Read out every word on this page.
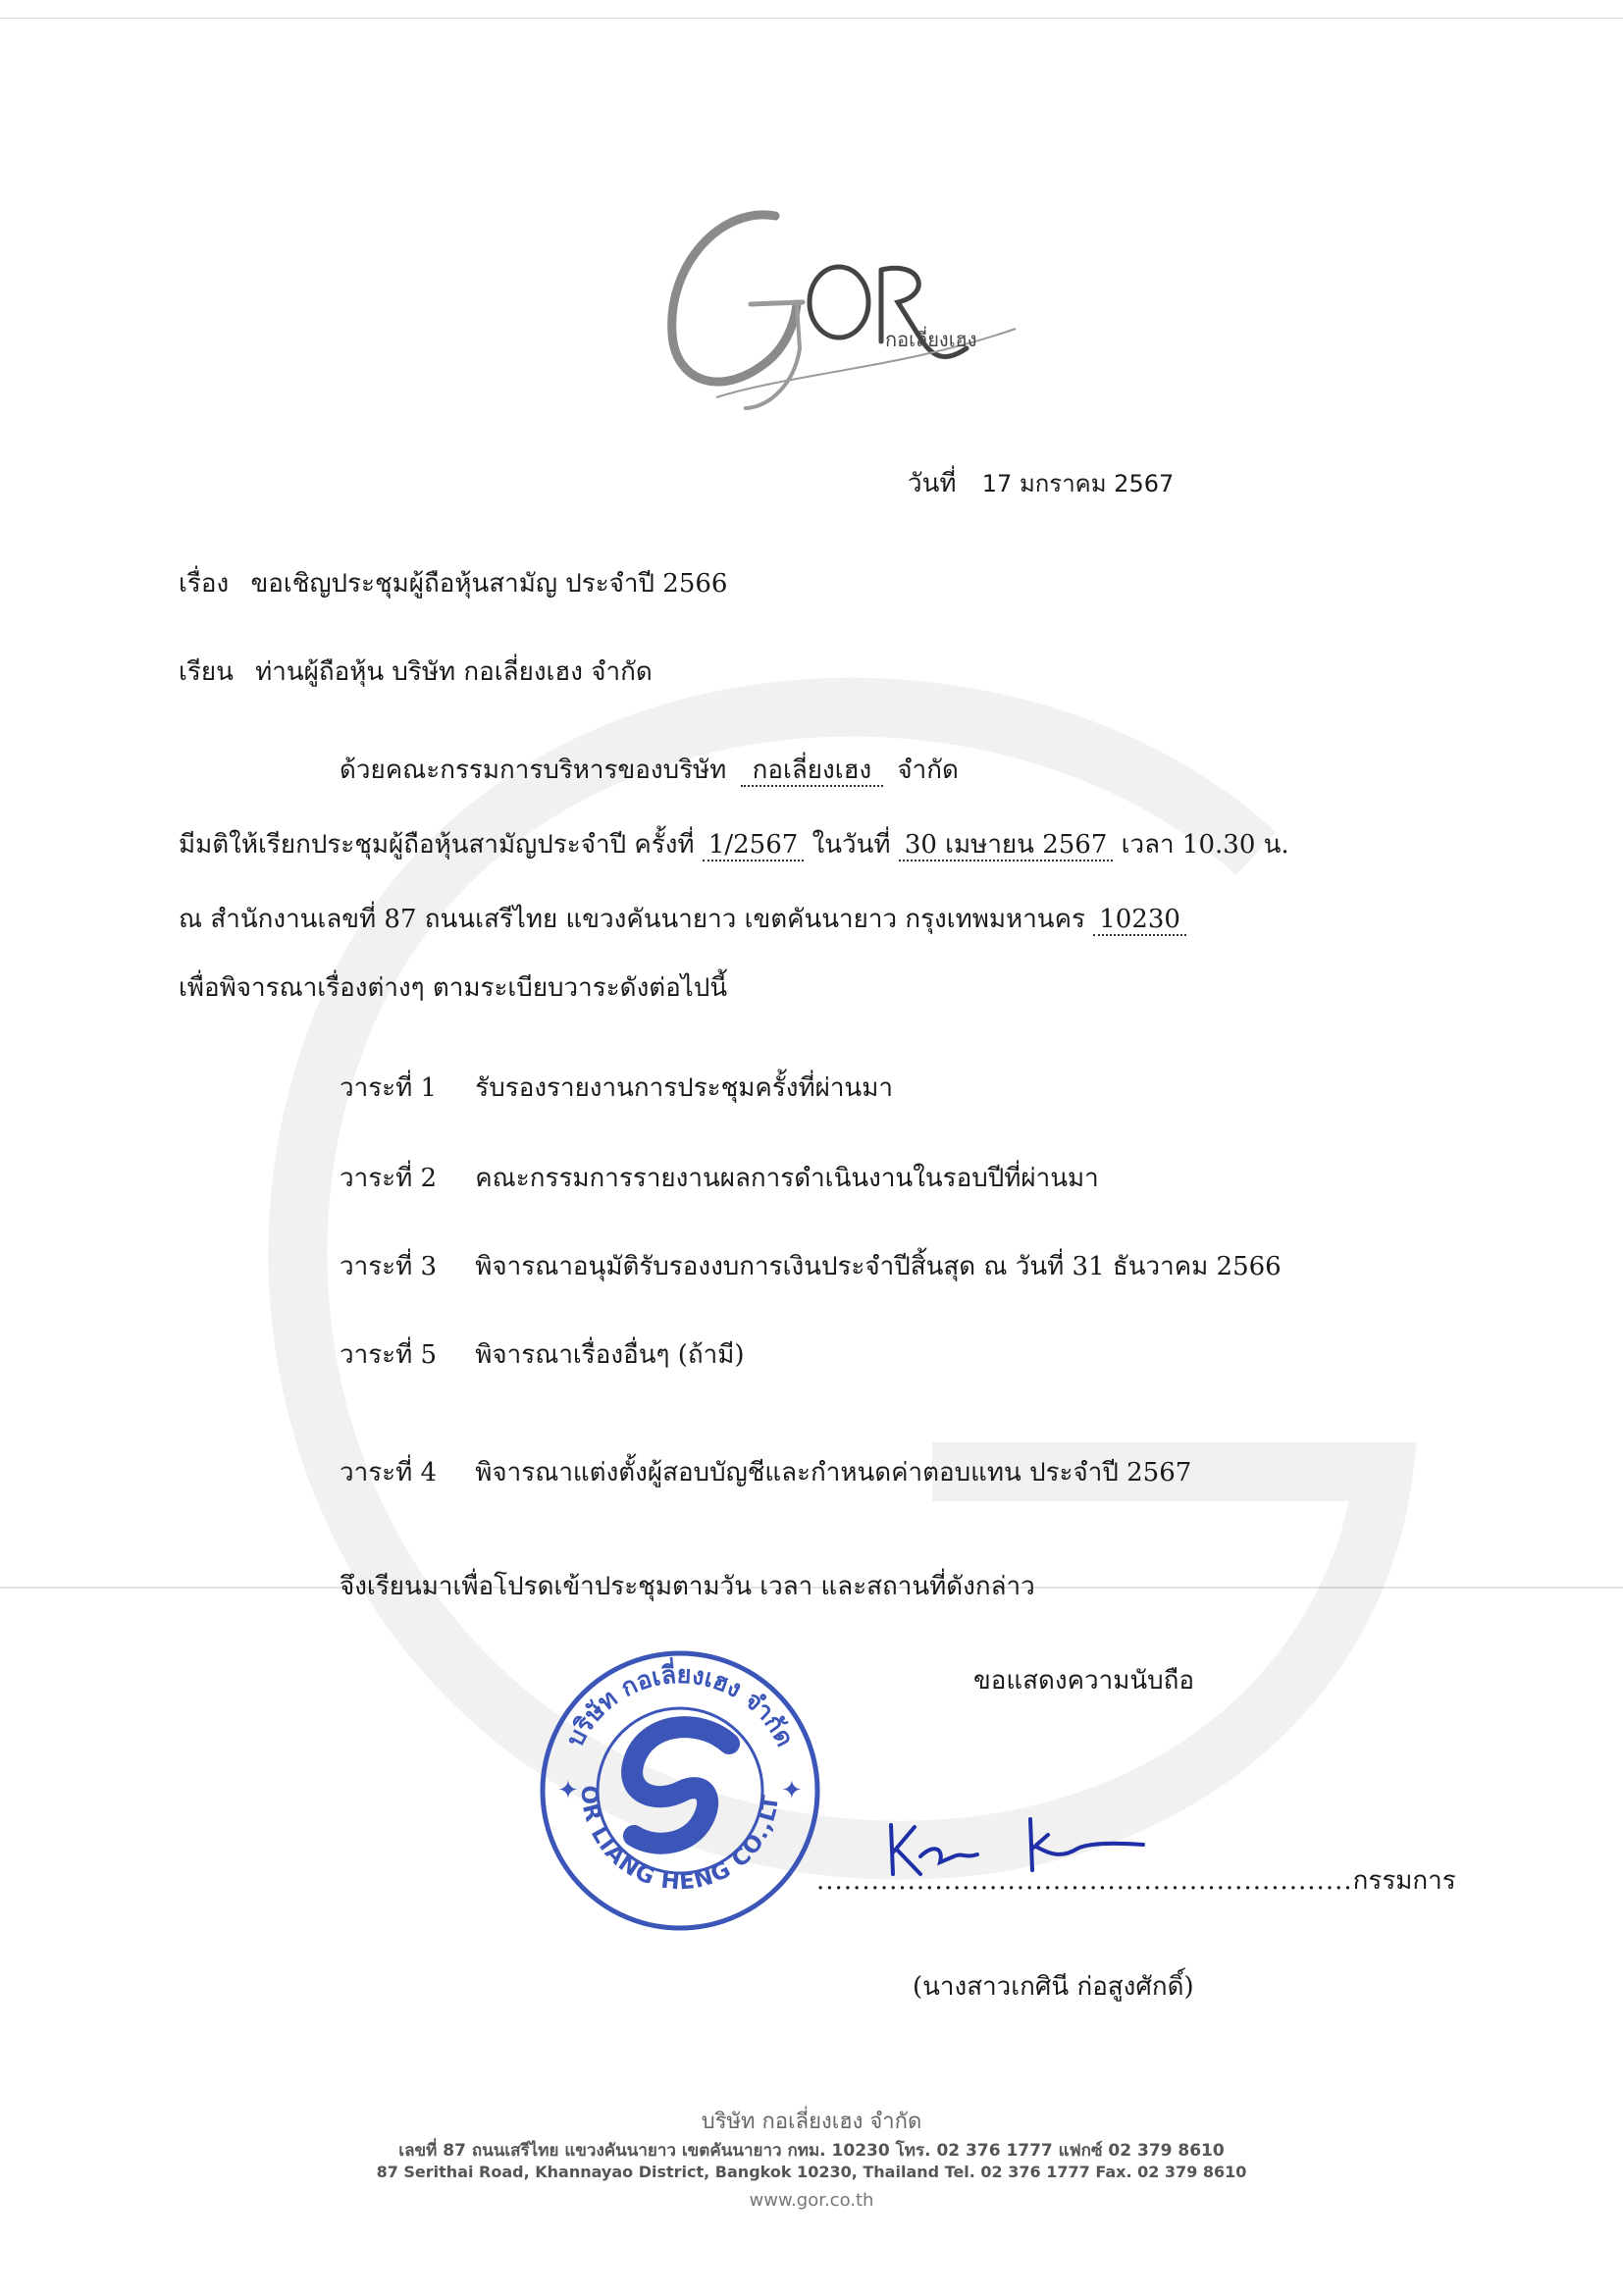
กอเลี่ยงเฮง
วันที่ 17 มกราคม 2567
เรื่อง ขอเชิญประชุมผู้ถือหุ้นสามัญ ประจำปี 2566
เรียน ท่านผู้ถือหุ้น บริษัท กอเลี่ยงเฮง จำกัด
ด้วยคณะกรรมการบริหารของบริษัท กอเลี่ยงเฮง จำกัด
มีมติให้เรียกประชุมผู้ถือหุ้นสามัญประจำปี ครั้งที่ 1/2567 ในวันที่ 30 เมษายน 2567 เวลา 10.30 น.
ณ สำนักงานเลขที่ 87 ถนนเสรีไทย แขวงคันนายาว เขตคันนายาว กรุงเทพมหานคร 10230
เพื่อพิจารณาเรื่องต่างๆ ตามระเบียบวาระดังต่อไปนี้
วาระที่ 1 รับรองรายงานการประชุมครั้งที่ผ่านมา
วาระที่ 2 คณะกรรมการรายงานผลการดำเนินงานในรอบปีที่ผ่านมา
วาระที่ 3 พิจารณาอนุมัติรับรองงบการเงินประจำปีสิ้นสุด ณ วันที่ 31 ธันวาคม 2566
วาระที่ 5 พิจารณาเรื่องอื่นๆ (ถ้ามี)
วาระที่ 4 พิจารณาแต่งตั้งผู้สอบบัญชีและกำหนดค่าตอบแทน ประจำปี 2567
จึงเรียนมาเพื่อโปรดเข้าประชุมตามวัน เวลา และสถานที่ดังกล่าว
ขอแสดงความนับถือ
บริษัท กอเลี่ยงเฮง จำกัด
OR LIANG HENG CO.,LT
✦	✦
...........................................................กรรมการ
(นางสาวเกศินี ก่อสูงศักดิ์)
บริษัท กอเลี่ยงเฮง จำกัด
เลขที่ 87 ถนนเสรีไทย แขวงคันนายาว เขตคันนายาว กทม. 10230 โทร. 02 376 1777 แฟกซ์ 02 379 8610
87 Serithai Road, Khannayao District, Bangkok 10230, Thailand Tel. 02 376 1777 Fax. 02 379 8610
www.gor.co.th
